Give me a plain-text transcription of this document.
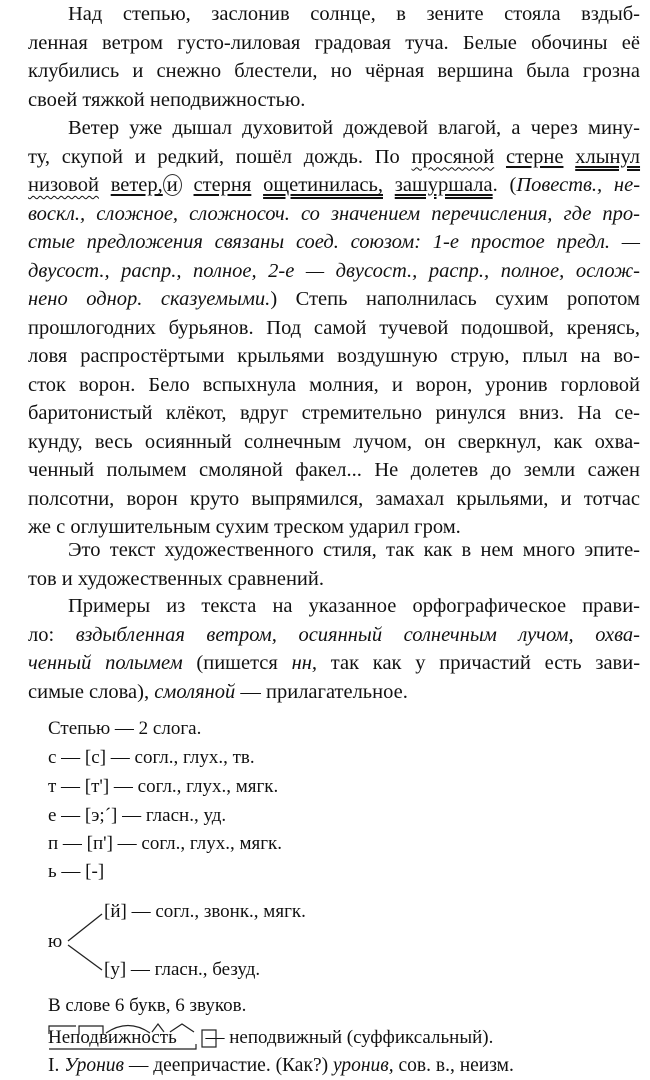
Над степью, заслонив солнце, в зените стояла вздыб-
ленная ветром густо-лиловая градовая туча. Белые обочины её
клубились и снежно блестели, но чёрная вершина была грозна
своей тяжкой неподвижностью.
Ветер уже дышал духовитой дождевой влагой, а через мину-
ту, скупой и редкий, пошёл дождь. По просяной стерне хлынул
низовой ветер, и стерня ощетинилась, зашуршала. (Повеств., не-
воскл., сложное, сложносоч. со значением перечисления, где про-
стые предложения связаны соед. союзом: 1-е простое предл. —
двусост., распр., полное, 2-е — двусост., распр., полное, ослож-
нено однор. сказуемыми.) Степь наполнилась сухим ропотом
прошлогодних бурьянов. Под самой тучевой подошвой, кренясь,
ловя распростёртыми крыльями воздушную струю, плыл на во-
сток ворон. Бело вспыхнула молния, и ворон, уронив горловой
баритонистый клёкот, вдруг стремительно ринулся вниз. На се-
кунду, весь осиянный солнечным лучом, он сверкнул, как охва-
ченный полымем смоляной факел... Не долетев до земли сажен
полсотни, ворон круто выпрямился, замахал крыльями, и тотчас
же с оглушительным сухим треском ударил гром.
Это текст художественного стиля, так как в нем много эпите-
тов и художественных сравнений.
Примеры из текста на указанное орфографическое прави-
ло: вздыбленная ветром, осиянный солнечным лучом, охва-
ченный полымем (пишется нн, так как у причастий есть зави-
симые слова), смоляной — прилагательное.
Степью — 2 слога.
с — [с] — согл., глух., тв.
т — [т'] — согл., глух., мягк.
е — [э;´] — гласн., уд.
п — [п'] — согл., глух., мягк.
ь — [-]
ю
[й] — согл., звонк., мягк.
[у] — гласн., безуд.
В слове 6 букв, 6 звуков.
Неподвижность — неподвижный (суффиксальный).
I. Уронив — деепричастие. (Как?) уронив, сов. в., неизм.
